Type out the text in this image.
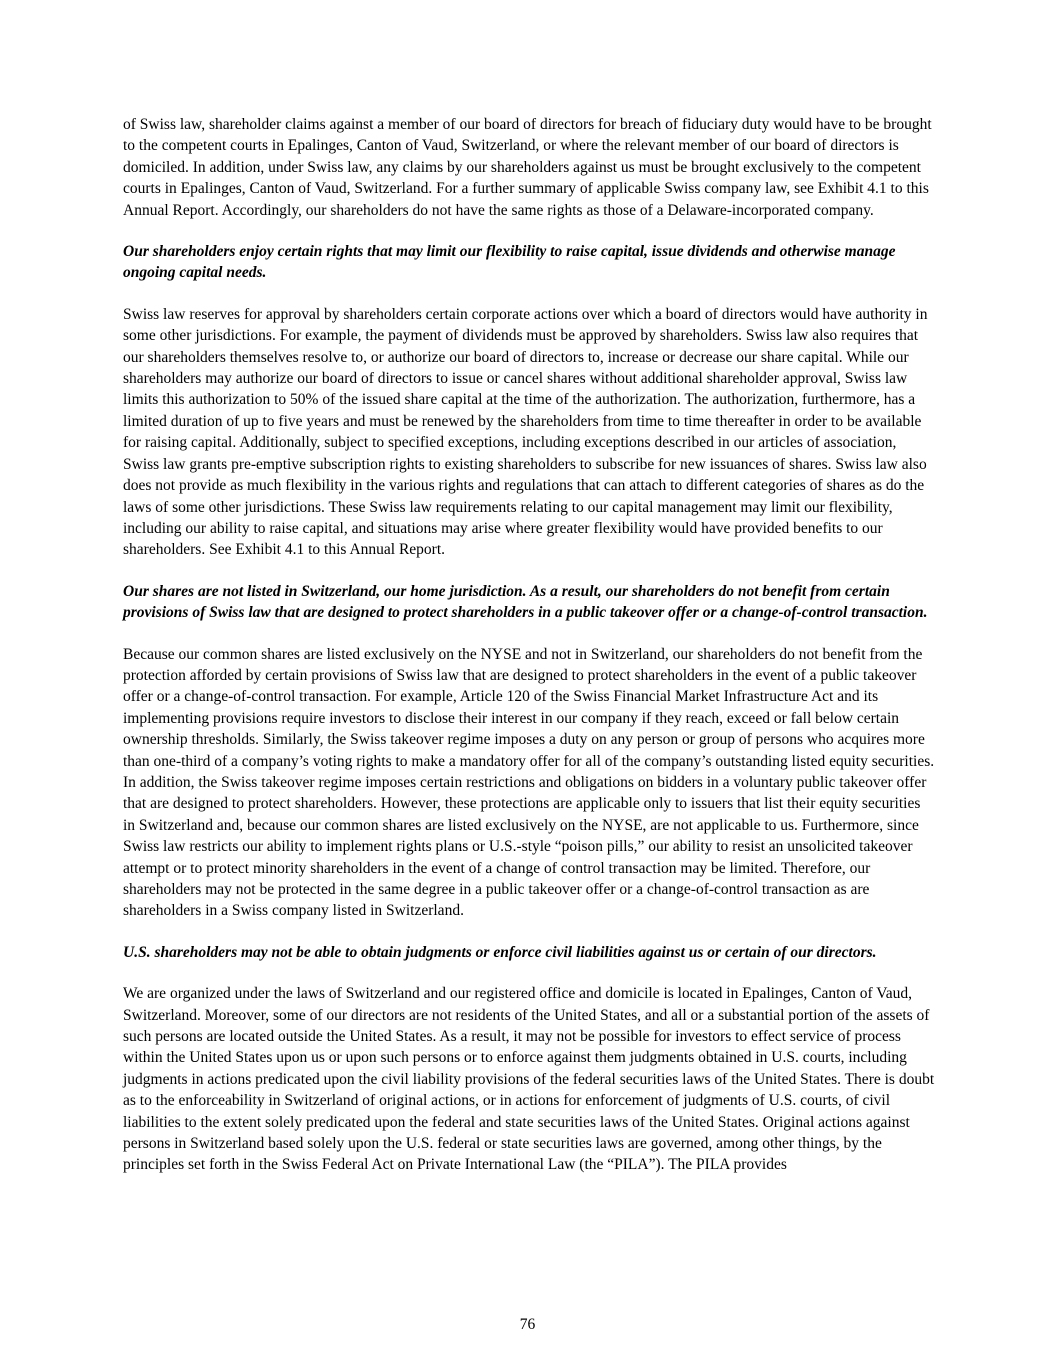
of Swiss law, shareholder claims against a member of our board of directors for breach of fiduciary duty would have to be brought to the competent courts in Epalinges, Canton of Vaud, Switzerland, or where the relevant member of our board of directors is domiciled. In addition, under Swiss law, any claims by our shareholders against us must be brought exclusively to the competent courts in Epalinges, Canton of Vaud, Switzerland. For a further summary of applicable Swiss company law, see Exhibit 4.1 to this Annual Report. Accordingly, our shareholders do not have the same rights as those of a Delaware-incorporated company.

Our shareholders enjoy certain rights that may limit our flexibility to raise capital, issue dividends and otherwise manage ongoing capital needs.

Swiss law reserves for approval by shareholders certain corporate actions over which a board of directors would have authority in some other jurisdictions. For example, the payment of dividends must be approved by shareholders. Swiss law also requires that our shareholders themselves resolve to, or authorize our board of directors to, increase or decrease our share capital. While our shareholders may authorize our board of directors to issue or cancel shares without additional shareholder approval, Swiss law limits this authorization to 50% of the issued share capital at the time of the authorization. The authorization, furthermore, has a limited duration of up to five years and must be renewed by the shareholders from time to time thereafter in order to be available for raising capital. Additionally, subject to specified exceptions, including exceptions described in our articles of association, Swiss law grants pre-emptive subscription rights to existing shareholders to subscribe for new issuances of shares. Swiss law also does not provide as much flexibility in the various rights and regulations that can attach to different categories of shares as do the laws of some other jurisdictions. These Swiss law requirements relating to our capital management may limit our flexibility, including our ability to raise capital, and situations may arise where greater flexibility would have provided benefits to our shareholders. See Exhibit 4.1 to this Annual Report.

Our shares are not listed in Switzerland, our home jurisdiction. As a result, our shareholders do not benefit from certain provisions of Swiss law that are designed to protect shareholders in a public takeover offer or a change-of-control transaction.

Because our common shares are listed exclusively on the NYSE and not in Switzerland, our shareholders do not benefit from the protection afforded by certain provisions of Swiss law that are designed to protect shareholders in the event of a public takeover offer or a change-of-control transaction. For example, Article 120 of the Swiss Financial Market Infrastructure Act and its implementing provisions require investors to disclose their interest in our company if they reach, exceed or fall below certain ownership thresholds. Similarly, the Swiss takeover regime imposes a duty on any person or group of persons who acquires more than one-third of a company’s voting rights to make a mandatory offer for all of the company’s outstanding listed equity securities. In addition, the Swiss takeover regime imposes certain restrictions and obligations on bidders in a voluntary public takeover offer that are designed to protect shareholders. However, these protections are applicable only to issuers that list their equity securities in Switzerland and, because our common shares are listed exclusively on the NYSE, are not applicable to us. Furthermore, since Swiss law restricts our ability to implement rights plans or U.S.-style “poison pills,” our ability to resist an unsolicited takeover attempt or to protect minority shareholders in the event of a change of control transaction may be limited. Therefore, our shareholders may not be protected in the same degree in a public takeover offer or a change-of-control transaction as are shareholders in a Swiss company listed in Switzerland.

U.S. shareholders may not be able to obtain judgments or enforce civil liabilities against us or certain of our directors.

We are organized under the laws of Switzerland and our registered office and domicile is located in Epalinges, Canton of Vaud, Switzerland. Moreover, some of our directors are not residents of the United States, and all or a substantial portion of the assets of such persons are located outside the United States. As a result, it may not be possible for investors to effect service of process within the United States upon us or upon such persons or to enforce against them judgments obtained in U.S. courts, including judgments in actions predicated upon the civil liability provisions of the federal securities laws of the United States. There is doubt as to the enforceability in Switzerland of original actions, or in actions for enforcement of judgments of U.S. courts, of civil liabilities to the extent solely predicated upon the federal and state securities laws of the United States. Original actions against persons in Switzerland based solely upon the U.S. federal or state securities laws are governed, among other things, by the principles set forth in the Swiss Federal Act on Private International Law (the “PILA”). The PILA provides

76
